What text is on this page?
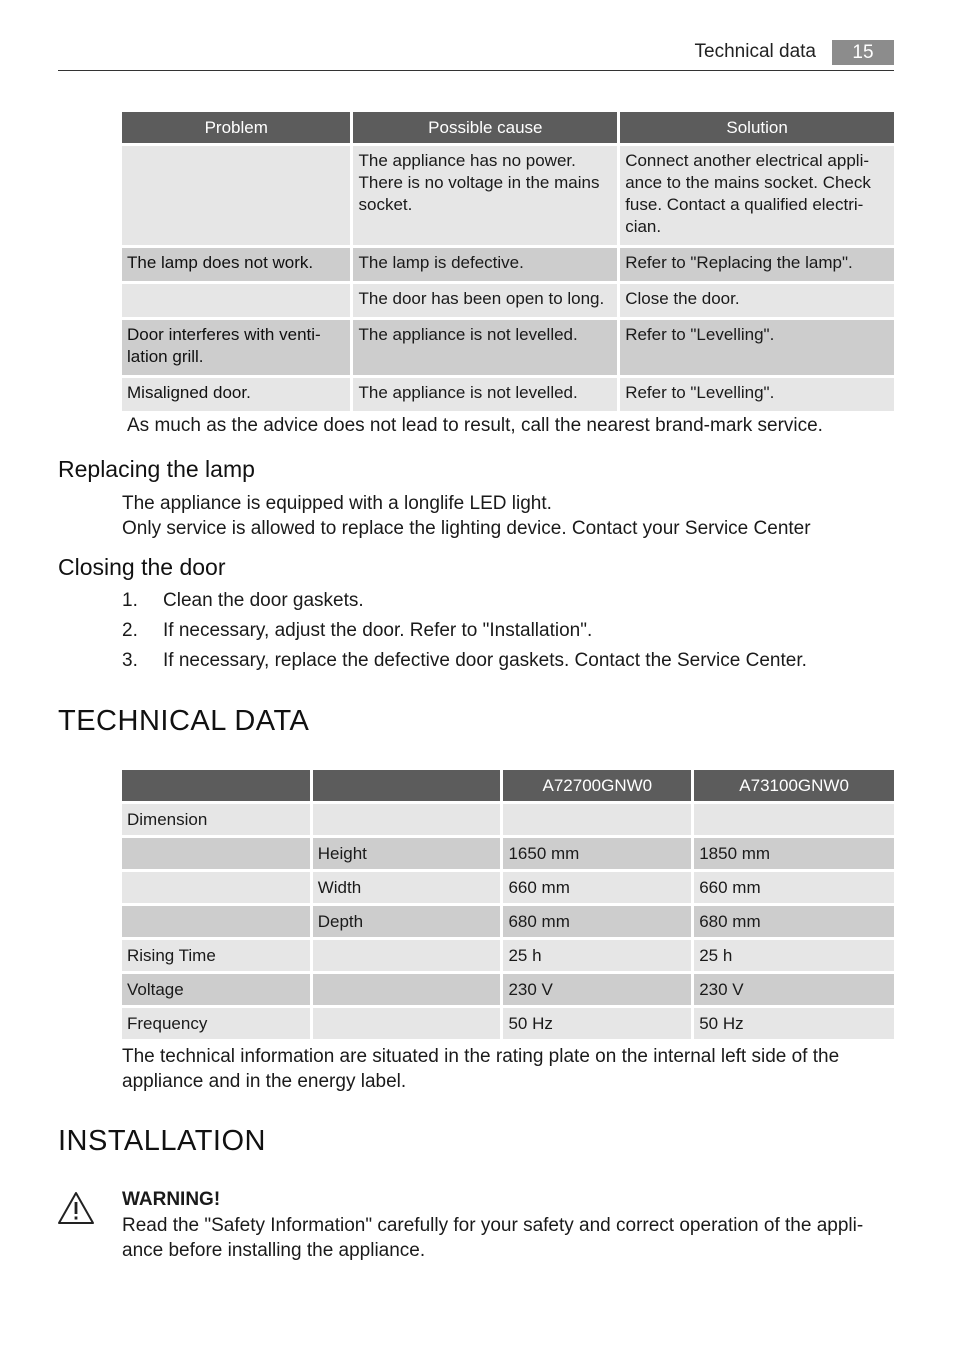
Technical data	15
Problem	Possible cause	Solution
	The appliance has no power. There is no voltage in the mains socket.	Connect another electrical appli-ance to the mains socket. Check fuse. Contact a qualified electri-cian.
The lamp does not work.	The lamp is defective.	Refer to "Replacing the lamp".
	The door has been open to long.	Close the door.
Door interferes with venti-lation grill.	The appliance is not levelled.	Refer to "Levelling".
Misaligned door.	The appliance is not levelled.	Refer to "Levelling".
As much as the advice does not lead to result, call the nearest brand-mark service.
Replacing the lamp
The appliance is equipped with a longlife LED light.
Only service is allowed to replace the lighting device. Contact your Service Center
Closing the door
1. Clean the door gaskets.
2. If necessary, adjust the door. Refer to "Installation".
3. If necessary, replace the defective door gaskets. Contact the Service Center.
TECHNICAL DATA
		A72700GNW0	A73100GNW0
Dimension			
	Height	1650 mm	1850 mm
	Width	660 mm	660 mm
	Depth	680 mm	680 mm
Rising Time		25 h	25 h
Voltage		230 V	230 V
Frequency		50 Hz	50 Hz
The technical information are situated in the rating plate on the internal left side of the
appliance and in the energy label.
INSTALLATION
WARNING!
Read the "Safety Information" carefully for your safety and correct operation of the appli-
ance before installing the appliance.
